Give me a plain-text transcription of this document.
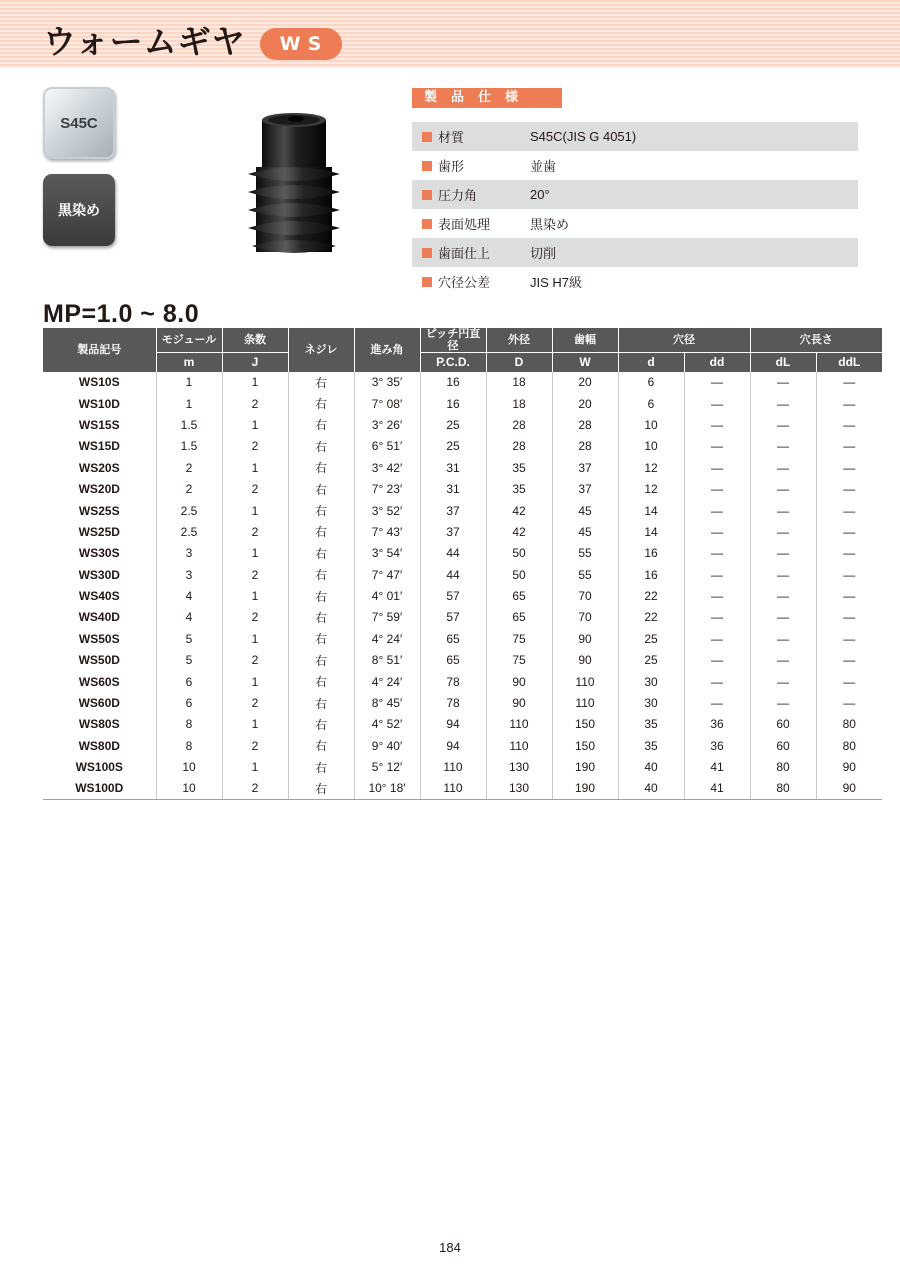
ウォームギヤ	WS
S45C
黒染め
製品仕様
材質	S45C(JIS G 4051)
歯形	並歯
圧力角	20°
表面処理	黒染め
歯面仕上	切削
穴径公差	JIS H7級
MP=1.0 ~ 8.0
製品記号	モジュール	条数	ネジレ	進み角	ピッチ円直径	外径	歯幅	穴径		穴長さ	
	m	J			P.C.D.	D	W	d	dd	dL	ddL
WS10S	1	1	右	3° 35′	16	18	20	6	—	—	—
WS10D	1	2	右	7° 08′	16	18	20	6	—	—	—
WS15S	1.5	1	右	3° 26′	25	28	28	10	—	—	—
WS15D	1.5	2	右	6° 51′	25	28	28	10	—	—	—
WS20S	2	1	右	3° 42′	31	35	37	12	—	—	—
WS20D	2	2	右	7° 23′	31	35	37	12	—	—	—
WS25S	2.5	1	右	3° 52′	37	42	45	14	—	—	—
WS25D	2.5	2	右	7° 43′	37	42	45	14	—	—	—
WS30S	3	1	右	3° 54′	44	50	55	16	—	—	—
WS30D	3	2	右	7° 47′	44	50	55	16	—	—	—
WS40S	4	1	右	4° 01′	57	65	70	22	—	—	—
WS40D	4	2	右	7° 59′	57	65	70	22	—	—	—
WS50S	5	1	右	4° 24′	65	75	90	25	—	—	—
WS50D	5	2	右	8° 51′	65	75	90	25	—	—	—
WS60S	6	1	右	4° 24′	78	90	110	30	—	—	—
WS60D	6	2	右	8° 45′	78	90	110	30	—	—	—
WS80S	8	1	右	4° 52′	94	110	150	35	36	60	80
WS80D	8	2	右	9° 40′	94	110	150	35	36	60	80
WS100S	10	1	右	5° 12′	110	130	190	40	41	80	90
WS100D	10	2	右	10° 18′	110	130	190	40	41	80	90
184
